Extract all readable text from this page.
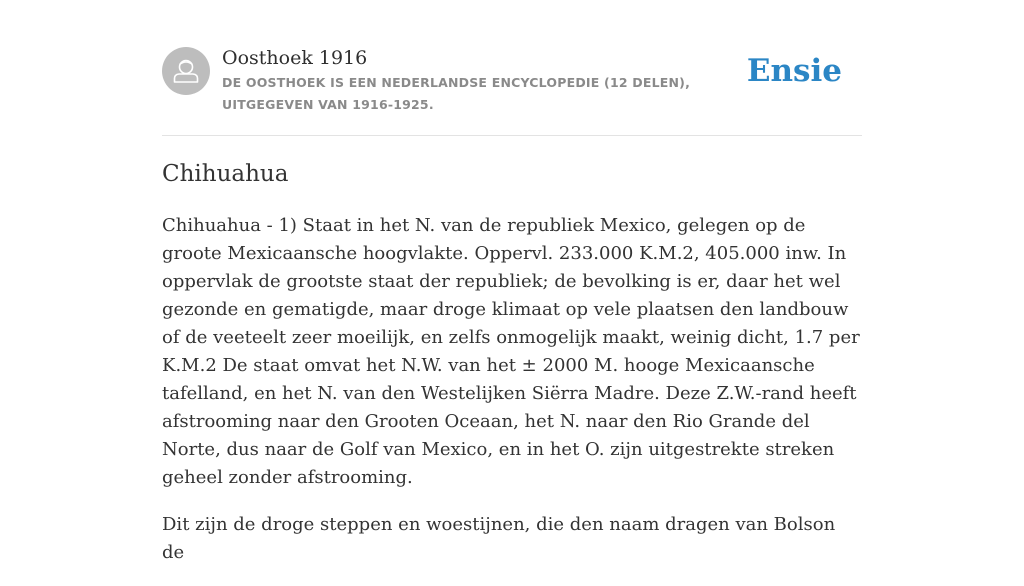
Oosthoek 1916
DE OOSTHOEK IS EEN NEDERLANDSE ENCYCLOPEDIE (12 DELEN), UITGEGEVEN VAN 1916-1925.
Ensie
Chihuahua

Chihuahua - 1) Staat in het N. van de republiek Mexico, gelegen op de groote Mexicaansche hoogvlakte. Oppervl. 233.000 K.M.2, 405.000 inw. In oppervlak de grootste staat der republiek; de bevolking is er, daar het wel gezonde en gematigde, maar droge klimaat op vele plaatsen den landbouw of de veeteelt zeer moeilijk, en zelfs onmogelijk maakt, weinig dicht, 1.7 per K.M.2 De staat omvat het N.W. van het ± 2000 M. hooge Mexicaansche tafelland, en het N. van den Westelijken Siërra Madre. Deze Z.W.-rand heeft afstrooming naar den Grooten Oceaan, het N. naar den Rio Grande del Norte, dus naar de Golf van Mexico, en in het O. zijn uitgestrekte streken geheel zonder afstrooming.

Dit zijn de droge steppen en woestijnen, die den naam dragen van Bolson de
